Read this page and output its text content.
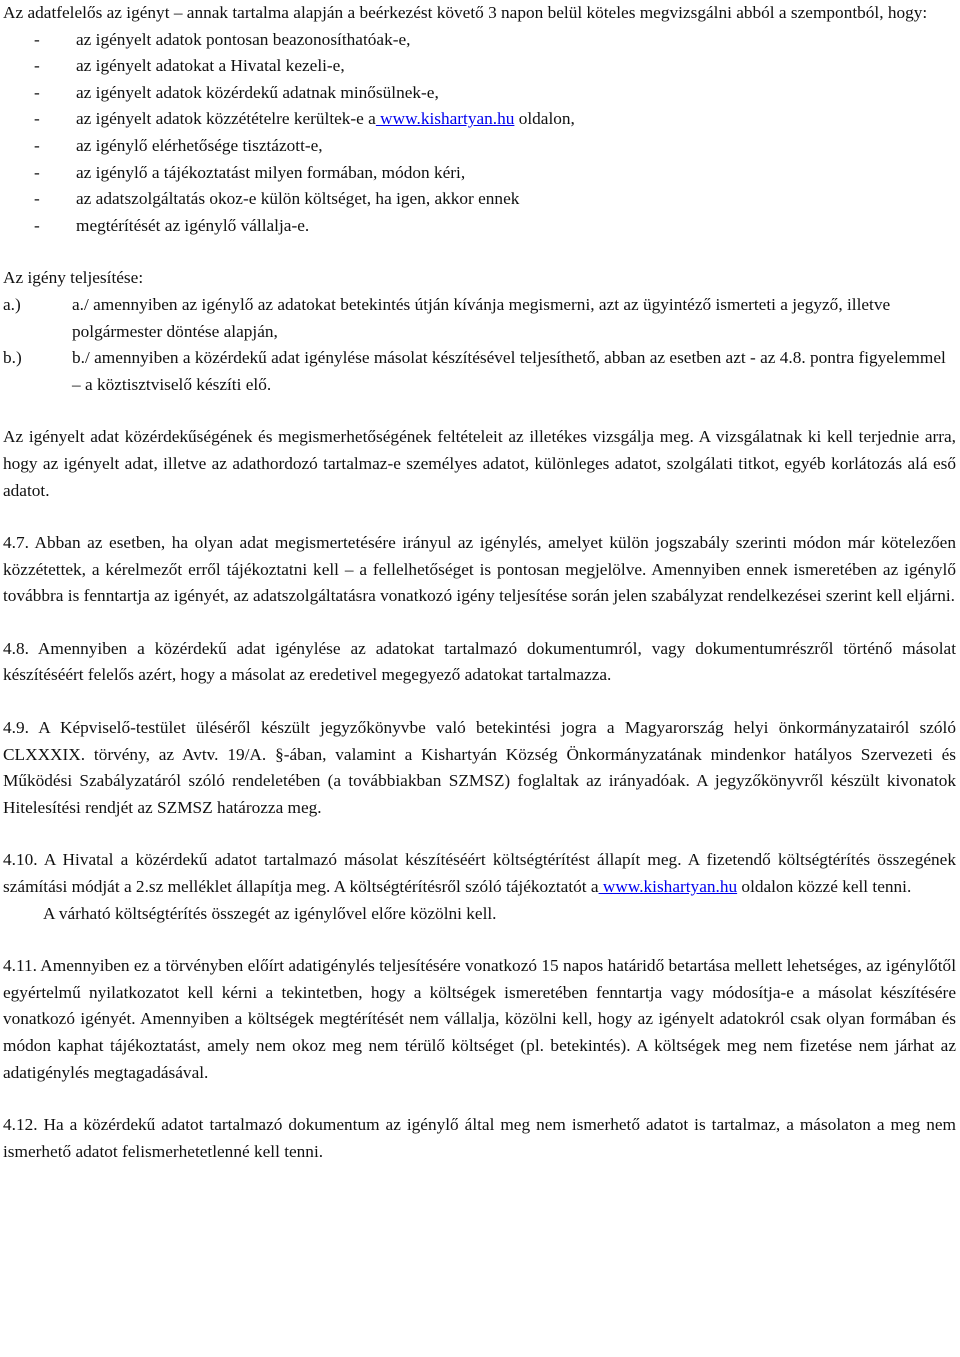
Az adatfelelős az igényt – annak tartalma alapján a beérkezést követő 3 napon belül köteles megvizsgálni abból a szempontból, hogy:

-	az igényelt adatok pontosan beazonosíthatóak-e,
-	az igényelt adatokat a Hivatal kezeli-e,
-	az igényelt adatok közérdekű adatnak minősülnek-e,
-	az igényelt adatok közzétételre kerültek-e a www.kishartyan.hu oldalon,
-	az igénylő elérhetősége tisztázott-e,
-	az igénylő a tájékoztatást milyen formában, módon kéri,
-	az adatszolgáltatás okoz-e külön költséget, ha igen, akkor ennek
-	megtérítését az igénylő vállalja-e.

Az igény teljesítése:

a.)	a./ amennyiben az igénylő az adatokat betekintés útján kívánja megismerni, azt az ügyintéző ismerteti a jegyző, illetve polgármester döntése alapján,
b.)	b./ amennyiben a közérdekű adat igénylése másolat készítésével teljesíthető, abban az esetben azt - az 4.8. pontra figyelemmel – a köztisztviselő készíti elő.

Az igényelt adat közérdekűségének és megismerhetőségének feltételeit az illetékes vizsgálja meg. A vizsgálatnak ki kell terjednie arra, hogy az igényelt adat, illetve az adathordozó tartalmaz-e személyes adatot, különleges adatot, szolgálati titkot, egyéb korlátozás alá eső adatot.

4.7. Abban az esetben, ha olyan adat megismertetésére irányul az igénylés, amelyet külön jogszabály szerinti módon már kötelezően közzétettek, a kérelmezőt erről tájékoztatni kell – a fellelhetőséget is pontosan megjelölve. Amennyiben ennek ismeretében az igénylő továbbra is fenntartja az igényét, az adatszolgáltatásra vonatkozó igény teljesítése során jelen szabályzat rendelkezései szerint kell eljárni.

4.8. Amennyiben a közérdekű adat igénylése az adatokat tartalmazó dokumentumról, vagy dokumentumrészről történő másolat készítéséért felelős azért, hogy a másolat az eredetivel megegyező adatokat tartalmazza.

4.9. A Képviselő-testület üléséről készült jegyzőkönyvbe való betekintési jogra a Magyarország helyi önkormányzatairól szóló CLXXXIX. törvény, az Avtv. 19/A. §-ában, valamint a Kishartyán Község Önkormányzatának mindenkor hatályos Szervezeti és Működési Szabályzatáról szóló rendeletében (a továbbiakban SZMSZ) foglaltak az irányadóak. A jegyzőkönyvről készült kivonatok Hitelesítési rendjét az SZMSZ határozza meg.

4.10. A Hivatal a közérdekű adatot tartalmazó másolat készítéséért költségtérítést állapít meg. A fizetendő költségtérítés összegének számítási módját a 2.sz melléklet állapítja meg. A költségtérítésről szóló tájékoztatót a www.kishartyan.hu oldalon közzé kell tenni.

A várható költségtérítés összegét az igénylővel előre közölni kell.

4.11. Amennyiben ez a törvényben előírt adatigénylés teljesítésére vonatkozó 15 napos határidő betartása mellett lehetséges, az igénylőtől egyértelmű nyilatkozatot kell kérni a tekintetben, hogy a költségek ismeretében fenntartja vagy módosítja-e a másolat készítésére vonatkozó igényét. Amennyiben a költségek megtérítését nem vállalja, közölni kell, hogy az igényelt adatokról csak olyan formában és módon kaphat tájékoztatást, amely nem okoz meg nem térülő költséget (pl. betekintés). A költségek meg nem fizetése nem járhat az adatigénylés megtagadásával.

4.12. Ha a közérdekű adatot tartalmazó dokumentum az igénylő által meg nem ismerhető adatot is tartalmaz, a másolaton a meg nem ismerhető adatot felismerhetetlenné kell tenni.
